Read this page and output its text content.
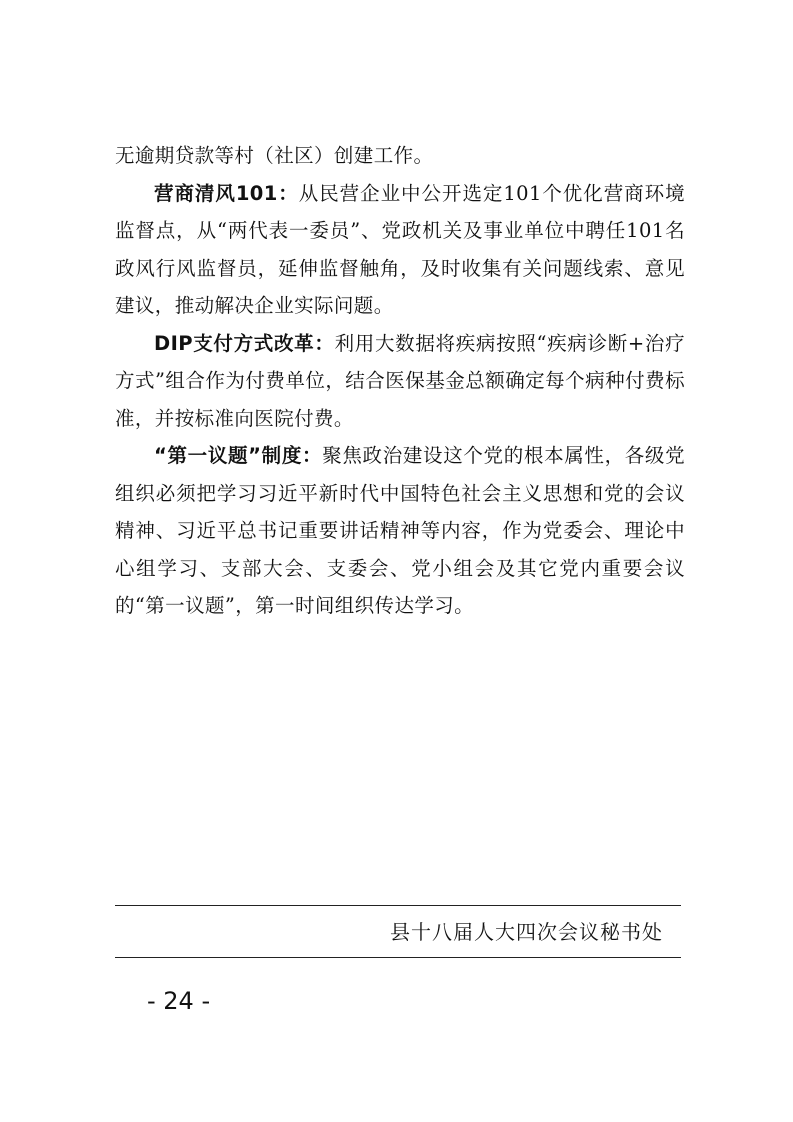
无逾期贷款等村（社区）创建工作。

营商清风101：从民营企业中公开选定101个优化营商环境监督点，从“两代表一委员”、党政机关及事业单位中聘任101名政风行风监督员，延伸监督触角，及时收集有关问题线索、意见建议，推动解决企业实际问题。

DIP支付方式改革：利用大数据将疾病按照“疾病诊断+治疗方式”组合作为付费单位，结合医保基金总额确定每个病种付费标准，并按标准向医院付费。

“第一议题”制度：聚焦政治建设这个党的根本属性，各级党组织必须把学习习近平新时代中国特色社会主义思想和党的会议精神、习近平总书记重要讲话精神等内容，作为党委会、理论中心组学习、支部大会、支委会、党小组会及其它党内重要会议的“第一议题”，第一时间组织传达学习。

县十八届人大四次会议秘书处
- 24 -
